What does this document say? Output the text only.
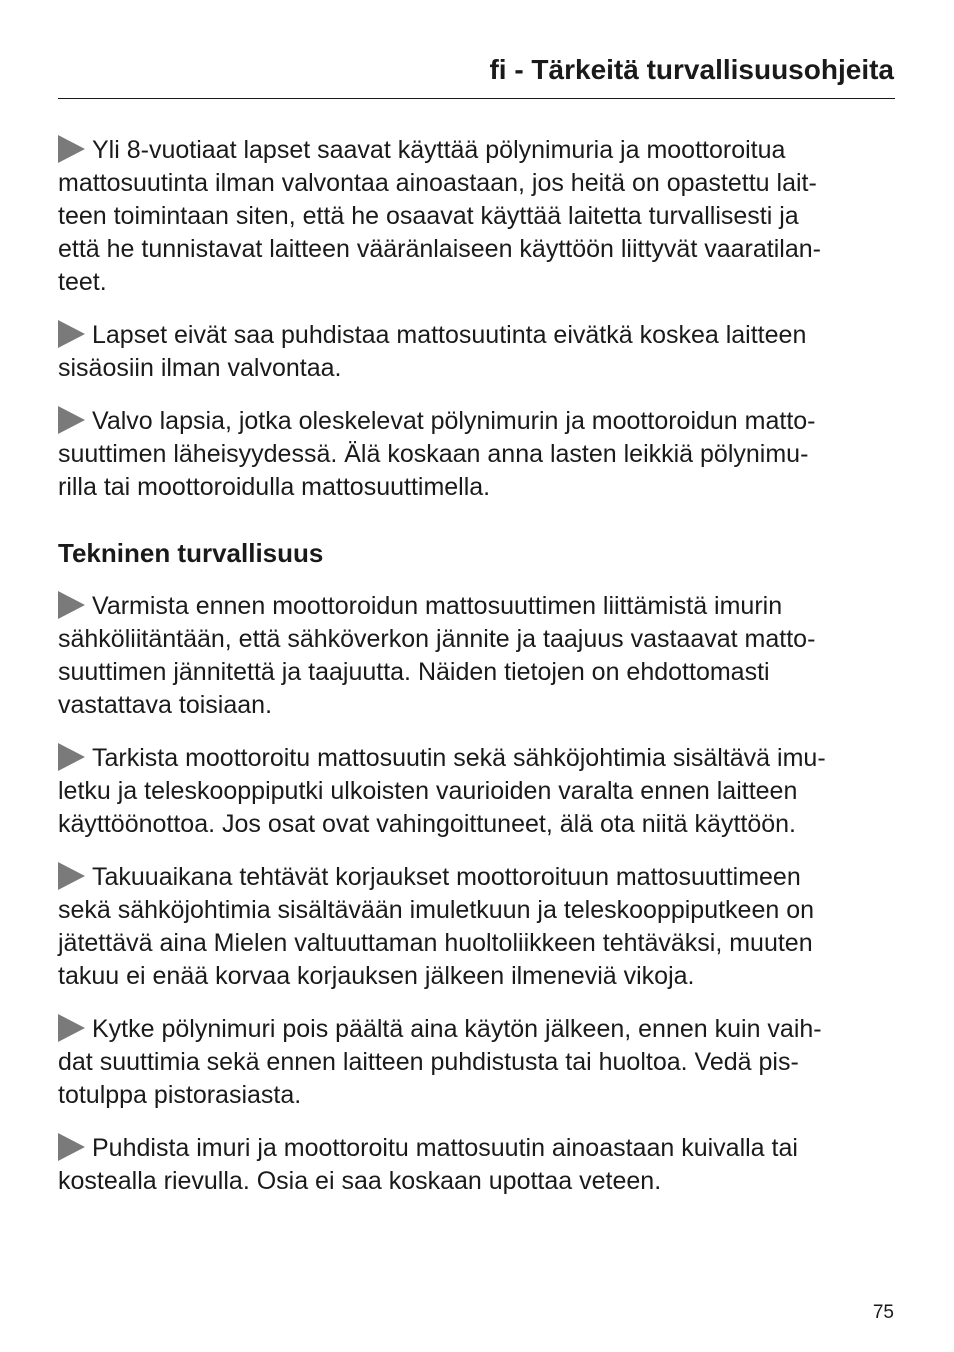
fi - Tärkeitä turvallisuusohjeita
Yli 8-vuotiaat lapset saavat käyttää pölynimuria ja moottoroitua
mattosuutinta ilman valvontaa ainoastaan, jos heitä on opastettu lait-
teen toimintaan siten, että he osaavat käyttää laitetta turvallisesti ja
että he tunnistavat laitteen vääränlaiseen käyttöön liittyvät vaaratilan-
teet.
Lapset eivät saa puhdistaa mattosuutinta eivätkä koskea laitteen
sisäosiin ilman valvontaa.
Valvo lapsia, jotka oleskelevat pölynimurin ja moottoroidun matto-
suuttimen läheisyydessä. Älä koskaan anna lasten leikkiä pölynimu-
rilla tai moottoroidulla mattosuuttimella.
Tekninen turvallisuus
Varmista ennen moottoroidun mattosuuttimen liittämistä imurin
sähköliitäntään, että sähköverkon jännite ja taajuus vastaavat matto-
suuttimen jännitettä ja taajuutta. Näiden tietojen on ehdottomasti
vastattava toisiaan.
Tarkista moottoroitu mattosuutin sekä sähköjohtimia sisältävä imu-
letku ja teleskooppiputki ulkoisten vaurioiden varalta ennen laitteen
käyttöönottoa. Jos osat ovat vahingoittuneet, älä ota niitä käyttöön.
Takuuaikana tehtävät korjaukset moottoroituun mattosuuttimeen
sekä sähköjohtimia sisältävään imuletkuun ja teleskooppiputkeen on
jätettävä aina Mielen valtuuttaman huoltoliikkeen tehtäväksi, muuten
takuu ei enää korvaa korjauksen jälkeen ilmeneviä vikoja.
Kytke pölynimuri pois päältä aina käytön jälkeen, ennen kuin vaih-
dat suuttimia sekä ennen laitteen puhdistusta tai huoltoa. Vedä pis-
totulppa pistorasiasta.
Puhdista imuri ja moottoroitu mattosuutin ainoastaan kuivalla tai
kostealla rievulla. Osia ei saa koskaan upottaa veteen.
75
